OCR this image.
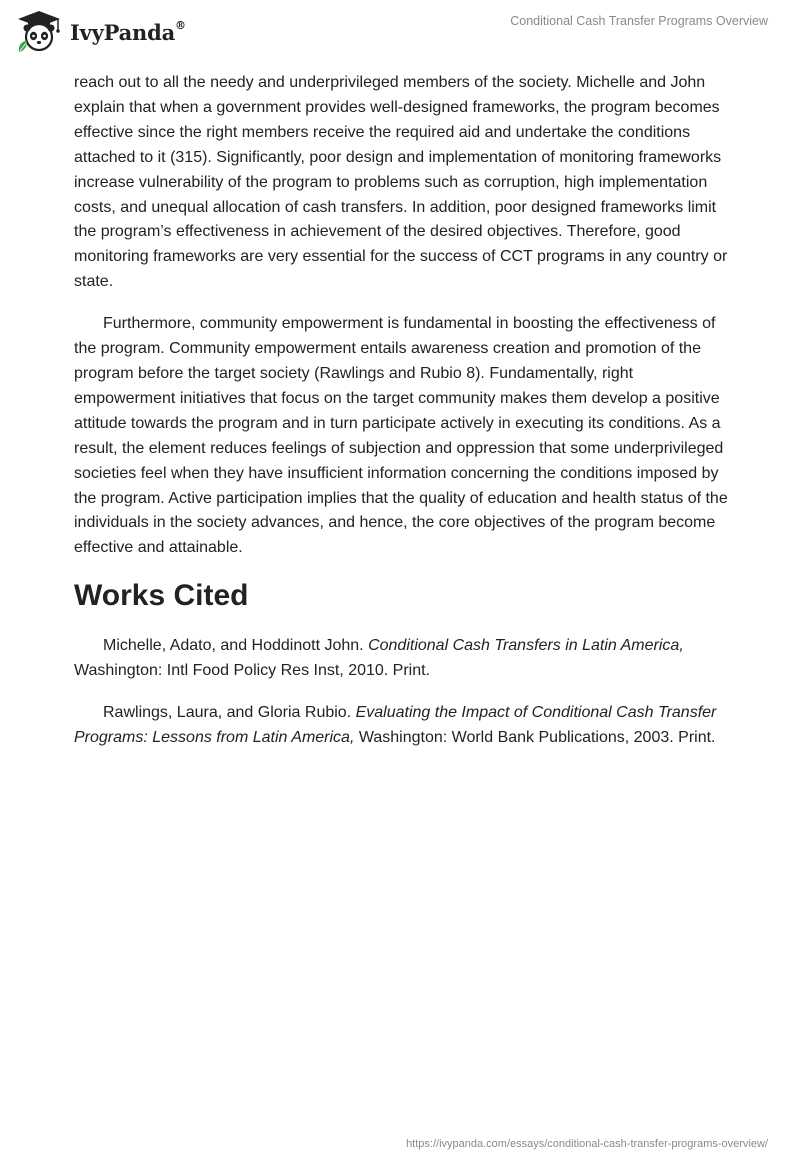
IvyPanda®	Conditional Cash Transfer Programs Overview

reach out to all the needy and underprivileged members of the society. Michelle and John explain that when a government provides well-designed frameworks, the program becomes effective since the right members receive the required aid and undertake the conditions attached to it (315). Significantly, poor design and implementation of monitoring frameworks increase vulnerability of the program to problems such as corruption, high implementation costs, and unequal allocation of cash transfers. In addition, poor designed frameworks limit the program’s effectiveness in achievement of the desired objectives. Therefore, good monitoring frameworks are very essential for the success of CCT programs in any country or state.

Furthermore, community empowerment is fundamental in boosting the effectiveness of the program. Community empowerment entails awareness creation and promotion of the program before the target society (Rawlings and Rubio 8). Fundamentally, right empowerment initiatives that focus on the target community makes them develop a positive attitude towards the program and in turn participate actively in executing its conditions. As a result, the element reduces feelings of subjection and oppression that some underprivileged societies feel when they have insufficient information concerning the conditions imposed by the program. Active participation implies that the quality of education and health status of the individuals in the society advances, and hence, the core objectives of the program become effective and attainable.

Works Cited

Michelle, Adato, and Hoddinott John. Conditional Cash Transfers in Latin America, Washington: Intl Food Policy Res Inst, 2010. Print.

Rawlings, Laura, and Gloria Rubio. Evaluating the Impact of Conditional Cash Transfer Programs: Lessons from Latin America, Washington: World Bank Publications, 2003. Print.

https://ivypanda.com/essays/conditional-cash-transfer-programs-overview/
